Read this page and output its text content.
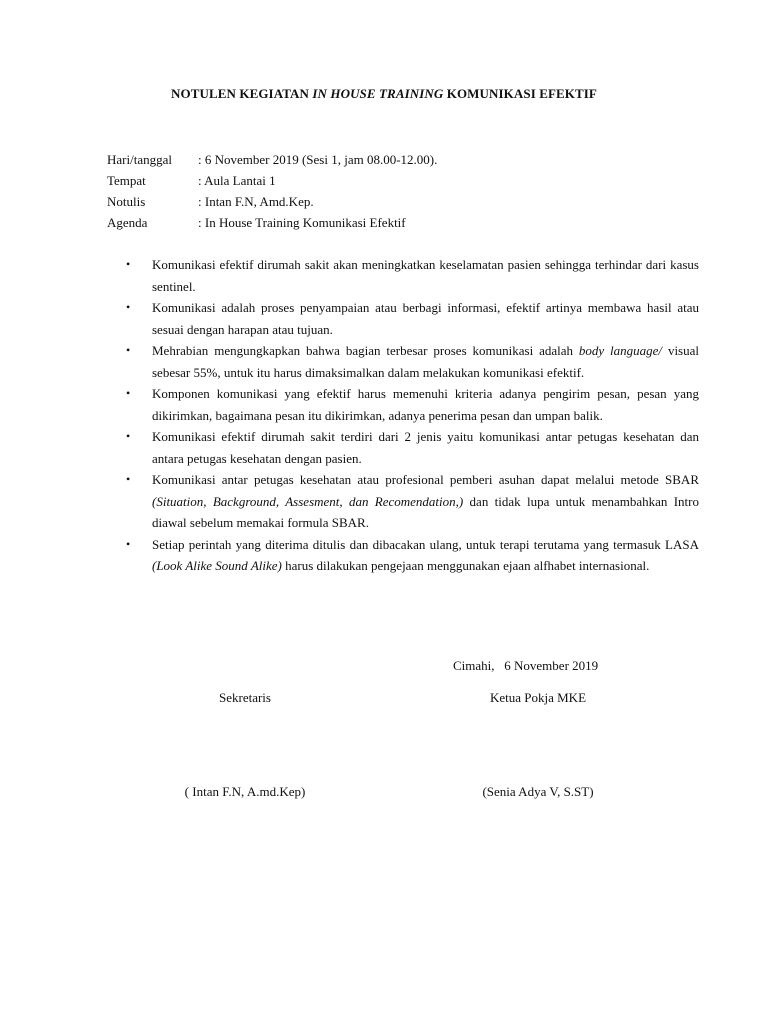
NOTULEN KEGIATAN IN HOUSE TRAINING KOMUNIKASI EFEKTIF
Hari/tanggal	: 6 November 2019 (Sesi 1, jam 08.00-12.00).
Tempat	: Aula Lantai 1
Notulis	: Intan F.N, Amd.Kep.
Agenda	: In House Training Komunikasi Efektif
•	Komunikasi efektif dirumah sakit akan meningkatkan keselamatan pasien sehingga terhindar dari kasus sentinel.
•	Komunikasi adalah proses penyampaian atau berbagi informasi, efektif artinya membawa hasil atau sesuai dengan harapan atau tujuan.
•	Mehrabian mengungkapkan bahwa bagian terbesar proses komunikasi adalah body language/ visual sebesar 55%, untuk itu harus dimaksimalkan dalam melakukan komunikasi efektif.
•	Komponen komunikasi yang efektif harus memenuhi kriteria adanya pengirim pesan, pesan yang dikirimkan, bagaimana pesan itu dikirimkan, adanya penerima pesan dan umpan balik.
•	Komunikasi efektif dirumah sakit terdiri dari 2 jenis yaitu komunikasi antar petugas kesehatan dan antara petugas kesehatan dengan pasien.
•	Komunikasi antar petugas kesehatan atau profesional pemberi asuhan dapat melalui metode SBAR (Situation, Background, Assesment, dan Recomendation,) dan tidak lupa untuk menambahkan Intro diawal sebelum memakai formula SBAR.
•	Setiap perintah yang diterima ditulis dan dibacakan ulang, untuk terapi terutama yang termasuk LASA (Look Alike Sound Alike) harus dilakukan pengejaan menggunakan ejaan alfhabet internasional.
Cimahi,   6 November 2019
Sekretaris	Ketua Pokja MKE
( Intan F.N, A.md.Kep)	(Senia Adya V, S.ST)
